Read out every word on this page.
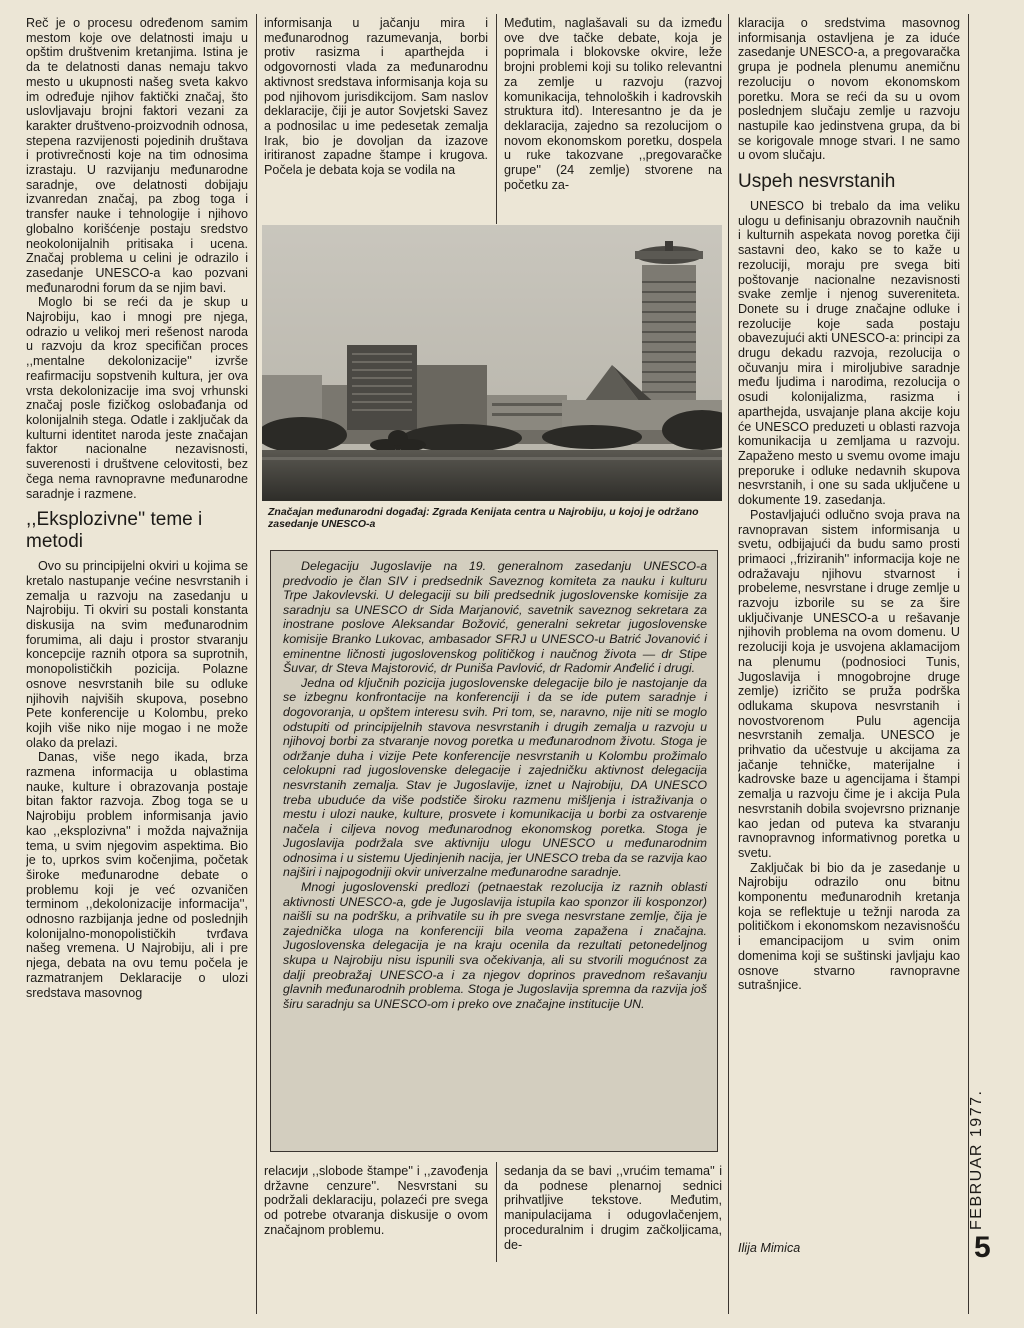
Reč je o procesu određenom samim mestom koje ove delatnosti imaju u opštim društvenim kretanjima. Istina je da te delatnosti danas nemaju takvo mesto u ukupnosti našeg sveta kakvo im određuje njihov faktički značaj, što uslovljavaju brojni faktori vezani za karakter društveno-proizvodnih odnosa, stepena razvijenosti pojedinih društava i protivrečnosti koje na tim odnosima izrastaju. U razvijanju međunarodne saradnje, ove delatnosti dobijaju izvanredan značaj, pa zbog toga i transfer nauke i tehnologije i njihovo globalno korišćenje postaju sredstvo neokolonijalnih pritisaka i ucena. Značaj problema u celini je odrazilo i zasedanje UNESCO-a kao pozvani međunarodni forum da se njim bavi.

Moglo bi se reći da je skup u Najrobiju, kao i mnogi pre njega, odrazio u velikoj meri rešenost naroda u razvoju da kroz specifičan proces ,,mentalne dekolonizacije'' izvrše reafirmaciju sopstvenih kultura, jer ova vrsta dekolonizacije ima svoj vrhunski značaj posle fizičkog oslobađanja od kolonijalnih stega. Odatle i zaključak da kulturni identitet naroda jeste značajan faktor nacionalne nezavisnosti, suverenosti i društvene celovitosti, bez čega nema ravnopravne međunarodne saradnje i razmene.

,,Eksplozivne'' teme i metodi

Ovo su principijelni okviri u kojima se kretalo nastupanje većine nesvrstanih i zemalja u razvoju na zasedanju u Najrobiju. Ti okviri su postali konstanta diskusija na svim međunarodnim forumima, ali daju i prostor stvaranju koncepcije raznih otpora sa suprotnih, monopolističkih pozicija. Polazne osnove nesvrstanih bile su odluke njihovih najviših skupova, posebno Pete konferencije u Kolombu, preko kojih više niko nije mogao i ne može olako da prelazi.

Danas, više nego ikada, brza razmena informacija u oblastima nauke, kulture i obrazovanja postaje bitan faktor razvoja. Zbog toga se u Najrobiju problem informisanja javio kao ,,eksplozivna'' i možda najvažnija tema, u svim njegovim aspektima. Bio je to, uprkos svim kočenjima, početak široke međunarodne debate o problemu koji je već ozvaničen terminom ,,dekolonizacije informacija'', odnosno razbijanja jedne od poslednjih kolonijalno-monopolističkih tvrđava našeg vremena. U Najrobiju, ali i pre njega, debata na ovu temu počela je razmatranjem Deklaracije o ulozi sredstava masovnog

informisanja u jačanju mira i međunarodnog razumevanja, borbi protiv rasizma i aparthejda i odgovornosti vlada za međunarodnu aktivnost sredstava informisanja koja su pod njihovom jurisdikcijom. Sam naslov deklaracije, čiji je autor Sovjetski Savez a podnosilac u ime pedesetak zemalja Irak, bio je dovoljan da izazove iritiranost zapadne štampe i krugova. Počela je debata koja se vodila na

Međutim, naglašavali su da između ove dve tačke debate, koja je poprimala i blokovske okvire, leže brojni problemi koji su toliko relevantni za zemlje u razvoju (razvoj komunikacija, tehnoloških i kadrovskih struktura itd). Interesantno je da je deklaracija, zajedno sa rezolucijom o novom ekonomskom poretku, dospela u ruke takozvane ,,pregovaračke grupe'' (24 zemlje) stvorene na početku za-

Značajan međunarodni događaj: Zgrada Kenijata centra u Najrobiju, u kojoj je održano zasedanje UNESCO-a

Delegaciju Jugoslavije na 19. generalnom zasedanju UNESCO-a predvodio je član SIV i predsednik Saveznog komiteta za nauku i kulturu Trpe Jakovlevski. U delegaciji su bili predsednik jugoslovenske komisije za saradnju sa UNESCO dr Sida Marjanović, savetnik saveznog sekretara za inostrane poslove Aleksandar Božović, generalni sekretar jugoslovenske komisije Branko Lukovac, ambasador SFRJ u UNESCO-u Batrić Jovanović i eminentne ličnosti jugoslovenskog političkog i naučnog života — dr Stipe Šuvar, dr Steva Majstorović, dr Puniša Pavlović, dr Radomir Anđelić i drugi.

Jedna od ključnih pozicija jugoslovenske delegacije bilo je nastojanje da se izbegnu konfrontacije na konferenciji i da se ide putem saradnje i dogovoranja, u opštem interesu svih. Pri tom, se, naravno, nije niti se moglo odstupiti od principijelnih stavova nesvrstanih i drugih zemalja u razvoju u njihovoj borbi za stvaranje novog poretka u međunarodnom životu. Stoga je održanje duha i vizije Pete konferencije nesvrstanih u Kolombu prožimalo celokupni rad jugoslovenske delegacije i zajedničku aktivnost delegacija nesvrstanih zemalja. Stav je Jugoslavije, iznet u Najrobiju, DA UNESCO treba ubuduće da više podstiče široku razmenu mišljenja i istraživanja o mestu i ulozi nauke, kulture, prosvete i komunikacija u borbi za ostvarenje načela i ciljeva novog međunarodnog ekonomskog poretka. Stoga je Jugoslavija podržala sve aktivniju ulogu UNESCO u međunarodnim odnosima i u sistemu Ujedinjenih nacija, jer UNESCO treba da se razvija kao najširi i najpogodniji okvir univerzalne međunarodne saradnje.

Mnogi jugoslovenski predlozi (petnaestak rezolucija iz raznih oblasti aktivnosti UNESCO-a, gde je Jugoslavija istupila kao sponzor ili kosponzor) naišli su na podršku, a prihvatile su ih pre svega nesvrstane zemlje, čija je zajednička uloga na konferenciji bila veoma zapažena i značajna. Jugoslovenska delegacija je na kraju ocenila da rezultati petonedeljnog skupa u Najrobiju nisu ispunili sva očekivanja, ali su stvorili mogućnost za dalji preobražaj UNESCO-a i za njegov doprinos pravednom rešavanju glavnih međunarodnih problema. Stoga je Jugoslavija spremna da razvija još širu saradnju sa UNESCO-om i preko ove značajne institucije UN.

relacији ,,slobode štampe'' i ,,zavođenja državne cenzure''. Nesvrstani su podržali deklaraciju, polazeći pre svega od potrebe otvaranja diskusije o ovom značajnom problemu.

sedanja da se bavi ,,vrućim temama'' i da podnese plenarnoj sednici prihvatljive tekstove. Međutim, manipulacijama i odugovlačenjem, proceduralnim i drugim začkoljicama, de-

klaracija o sredstvima masovnog informisanja ostavljena je za iduće zasedanje UNESCO-a, a pregovaračka grupa je podnela plenumu anemičnu rezoluciju o novom ekonomskom poretku. Mora se reći da su u ovom poslednjem slučaju zemlje u razvoju nastupile kao jedinstvena grupa, da bi se korigovale mnoge stvari. I ne samo u ovom slučaju.

Uspeh nesvrstanih

UNESCO bi trebalo da ima veliku ulogu u definisanju obrazovnih naučnih i kulturnih aspekata novog poretka čiji sastavni deo, kako se to kaže u rezoluciji, moraju pre svega biti poštovanje nacionalne nezavisnosti svake zemlje i njenog suvereniteta. Donete su i druge značajne odluke i rezolucije koje sada postaju obavezujući akti UNESCO-a: principi za drugu dekadu razvoja, rezolucija o očuvanju mira i miroljubive saradnje među ljudima i narodima, rezolucija o osudi kolonijalizma, rasizma i aparthejda, usvajanje plana akcije koju će UNESCO preduzeti u oblasti razvoja komunikacija u zemljama u razvoju. Zapaženo mesto u svemu ovome imaju preporuke i odluke nedavnih skupova nesvrstanih, i one su sada uključene u dokumente 19. zasedanja.

Postavljajući odlučno svoja prava na ravnopravan sistem informisanja u svetu, odbijajući da budu samo prosti primaoci ,,friziranih'' informacija koje ne odražavaju njihovu stvarnost i probeleme, nesvrstane i druge zemlje u razvoju izborile su se za šire uključivanje UNESCO-a u rešavanje njihovih problema na ovom domenu. U rezoluciji koja je usvojena aklamacijom na plenumu (podnosioci Tunis, Jugoslavija i mnogobrojne druge zemlje) izričito se pruža podrška odlukama skupova nesvrstanih i novostvorenom Pulu agencija nesvrstanih zemalja. UNESCO je prihvatio da učestvuje u akcijama za jačanje tehničke, materijalne i kadrovske baze u agencijama i štampi zemalja u razvoju čime je i akcija Pula nesvrstanih dobila svojevrsno priznanje kao jedan od puteva ka stvaranju ravnopravnog informativnog poretka u svetu.

Zaključak bi bio da je zasedanje u Najrobiju odrazilo onu bitnu komponentu međunarodnih kretanja koja se reflektuje u težnji naroda za političkom i ekonomskom nezavisnošću i emancipacijom u svim onim domenima koji se suštinski javljaju kao osnove stvarno ravnopravne sutrašnjice.

Ilija Mimica
FEBRUAR 1977.
5
